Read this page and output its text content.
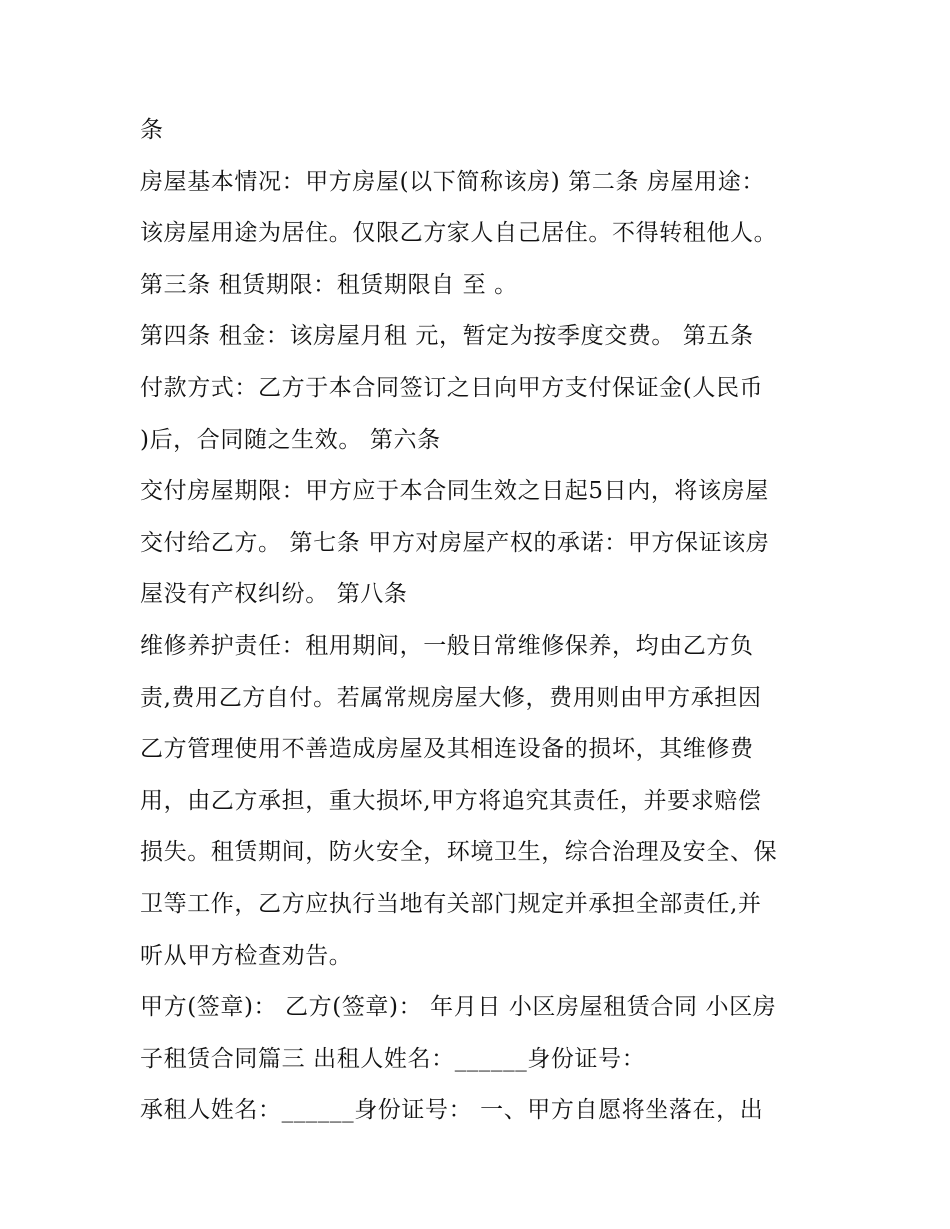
条
房屋基本情况：甲方房屋(以下简称该房) 第二条 房屋用途：
该房屋用途为居住。仅限乙方家人自己居住。不得转租他人。
第三条 租赁期限：租赁期限自 至 。
第四条 租金：该房屋月租 元，暂定为按季度交费。 第五条
付款方式：乙方于本合同签订之日向甲方支付保证金(人民币
)后，合同随之生效。 第六条
交付房屋期限：甲方应于本合同生效之日起5日内，将该房屋
交付给乙方。 第七条 甲方对房屋产权的承诺：甲方保证该房
屋没有产权纠纷。 第八条
维修养护责任：租用期间，一般日常维修保养，均由乙方负
责,费用乙方自付。若属常规房屋大修，费用则由甲方承担因
乙方管理使用不善造成房屋及其相连设备的损坏，其维修费
用，由乙方承担，重大损坏,甲方将追究其责任，并要求赔偿
损失。租赁期间，防火安全，环境卫生，综合治理及安全、保
卫等工作，乙方应执行当地有关部门规定并承担全部责任,并
听从甲方检查劝告。
甲方(签章)： 乙方(签章)： 年月日 小区房屋租赁合同 小区房
子租赁合同篇三 出租人姓名：______身份证号：
承租人姓名：______身份证号： 一、甲方自愿将坐落在，出
